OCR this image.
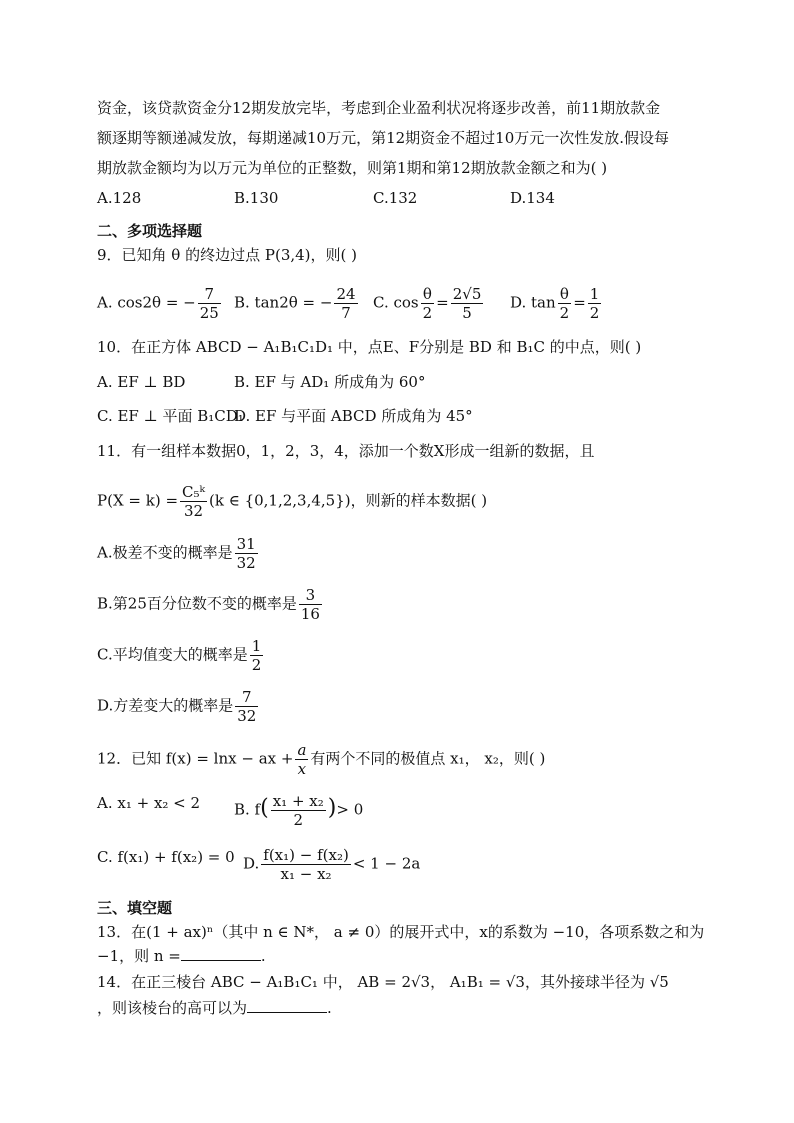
资金，该贷款资金分12期发放完毕，考虑到企业盈利状况将逐步改善，前11期放款金
额逐期等额递减发放，每期递减10万元，第12期资金不超过10万元一次性发放.假设每
期放款金额均为以万元为单位的正整数，则第1期和第12期放款金额之和为( )
A.128	B.130	C.132	D.134
二、多项选择题
9．已知角 θ 的终边过点 P(3,4)，则( )
A. cos2θ = − $\frac{7}{25} B$. tan2θ = − $\frac{24}{7} C$. $\cos \frac{\theta}{2} = \frac{2√5}{5} D$. $\tan \frac{\theta}{2} = \frac{1}{2}$
10．在正方体 ABCD − A₁B₁C₁D₁ 中，点E、F分别是 BD 和 B₁C 的中点，则( )
A. EF ⊥ BD	B. EF 与 AD₁ 所成角为 60°
C. EF ⊥ 平面 B₁CD₁
D. EF 与平面 ABCD 所成角为 45°
11．有一组样本数据0，1，2，3，4，添加一个数X形成一组新的数据，且
$P(X = k) = \frac{\text{C₅ᵏ}}{32} (k$ ∈ {0,1,2,3,4,5})，则新的样本数据( )
A.极差不变的概率是 $\frac{31}{32}$
B.第25百分位数不变的概率是 $\frac{3}{16}$
C.平均值变大的概率是 $\frac{1}{2}$
D.方差变大的概率是 $\frac{7}{32}$
12．已知 f(x) = lnx − ax + $\frac{a}{x}$ 有两个不同的极值点 x₁， x₂，则( )
A. x₁ + x₂ < 2 B. $f( \frac{\text{x₁ + x₂}}{2}$ )> 0
C. f(x₁) + f(x₂) = 0 D. $\frac{\text{f(x₁) − f(x₂)}}{\text{x₁ − x₂}} < 1 - 2a$
三、填空题
13．在(1 + ax)ⁿ（其中 n ∈ N*， a ≠ 0）的展开式中，x的系数为 −10，各项系数之和为
−1，则 n =	.
14．在正三棱台 ABC − A₁B₁C₁ 中， AB = 2√3， A₁B₁ = √3，其外接球半径为 √5
，则该棱台的高可以为	.
